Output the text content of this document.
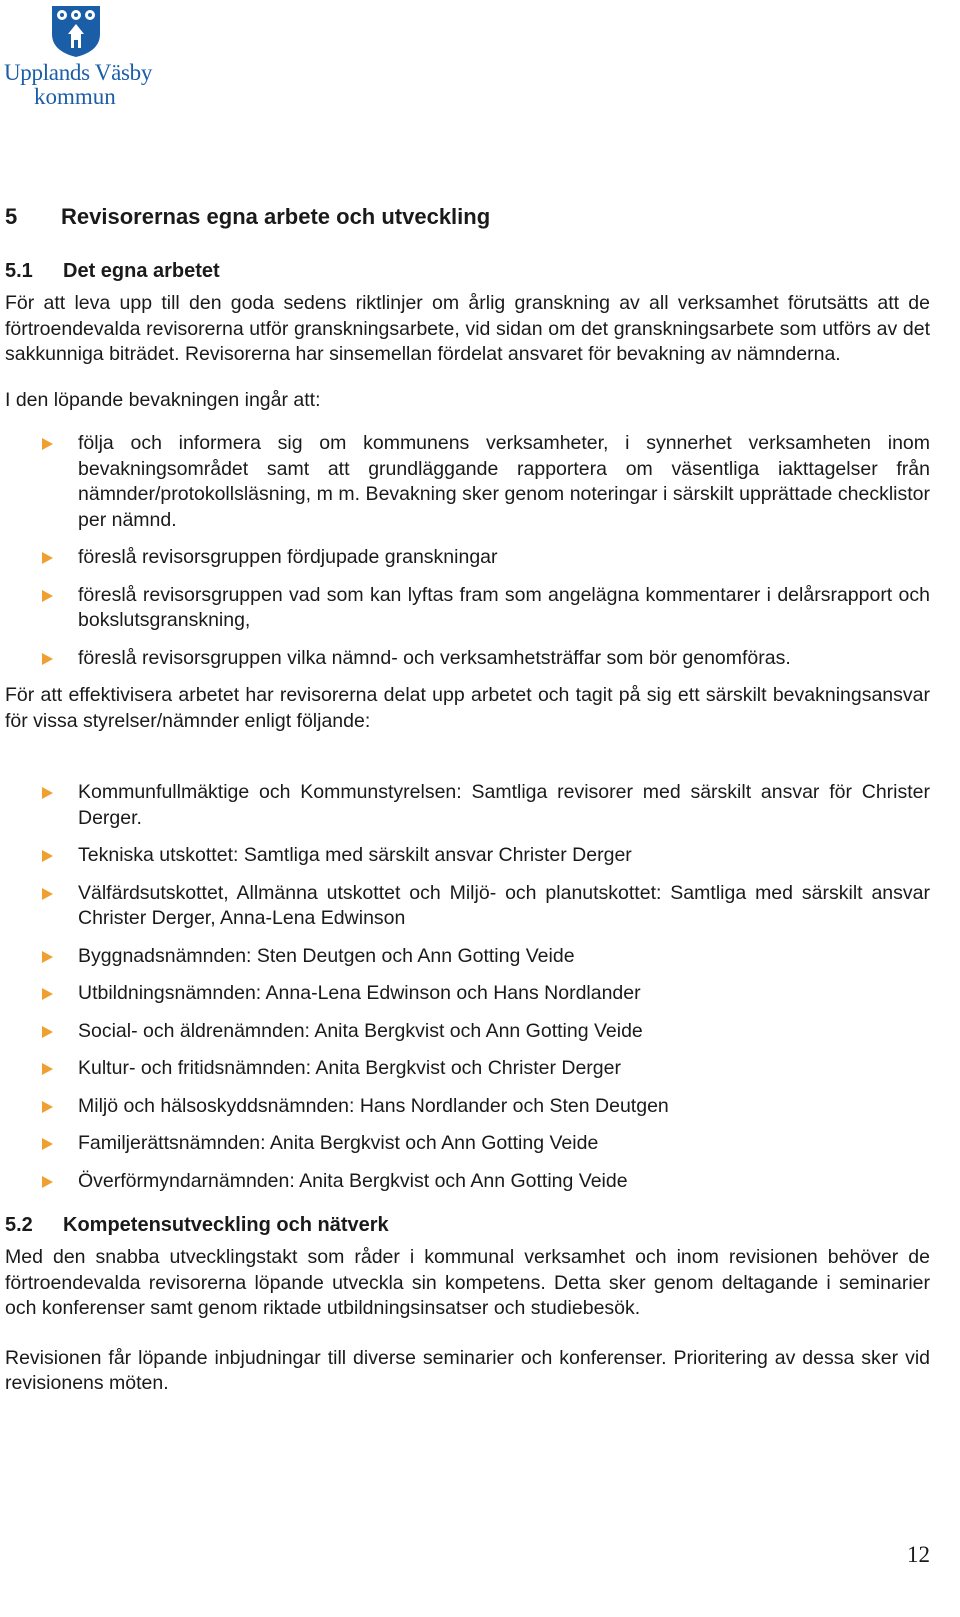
Upplands Väsby
kommun
5	Revisorernas egna arbete och utveckling
5.1	Det egna arbetet

För att leva upp till den goda sedens riktlinjer om årlig granskning av all verksamhet förutsätts att de förtroendevalda revisorerna utför granskningsarbete, vid sidan om det granskningsarbete som utförs av det sakkunniga biträdet. Revisorerna har sinsemellan fördelat ansvaret för bevakning av nämnderna.

I den löpande bevakningen ingår att:

följa och informera sig om kommunens verksamheter, i synnerhet verksamheten inom bevakningsområdet samt att grundläggande rapportera om väsentliga iakttagelser från nämnder/protokollsläsning, m m. Bevakning sker genom noteringar i särskilt upprättade checklistor per nämnd.
föreslå revisorsgruppen fördjupade granskningar
föreslå revisorsgruppen vad som kan lyftas fram som angelägna kommentarer i delårsrapport och bokslutsgranskning,
föreslå revisorsgruppen vilka nämnd- och verksamhetsträffar som bör genomföras.

För att effektivisera arbetet har revisorerna delat upp arbetet och tagit på sig ett särskilt bevakningsansvar för vissa styrelser/nämnder enligt följande:

Kommunfullmäktige och Kommunstyrelsen: Samtliga revisorer med särskilt ansvar för Christer Derger.
Tekniska utskottet: Samtliga med särskilt ansvar Christer Derger
Välfärdsutskottet, Allmänna utskottet och Miljö- och planutskottet: Samtliga med särskilt ansvar Christer Derger, Anna-Lena Edwinson
Byggnadsnämnden: Sten Deutgen och Ann Gotting Veide
Utbildningsnämnden: Anna-Lena Edwinson och Hans Nordlander
Social- och äldrenämnden: Anita Bergkvist och Ann Gotting Veide
Kultur- och fritidsnämnden: Anita Bergkvist och Christer Derger
Miljö och hälsoskyddsnämnden: Hans Nordlander och Sten Deutgen
Familjerättsnämnden: Anita Bergkvist och Ann Gotting Veide
Överförmyndarnämnden: Anita Bergkvist och Ann Gotting Veide
5.2	Kompetensutveckling och nätverk

Med den snabba utvecklingstakt som råder i kommunal verksamhet och inom revisionen behöver de förtroendevalda revisorerna löpande utveckla sin kompetens. Detta sker genom deltagande i seminarier och konferenser samt genom riktade utbildningsinsatser och studiebesök.

Revisionen får löpande inbjudningar till diverse seminarier och konferenser. Prioritering av dessa sker vid revisionens möten.

12
